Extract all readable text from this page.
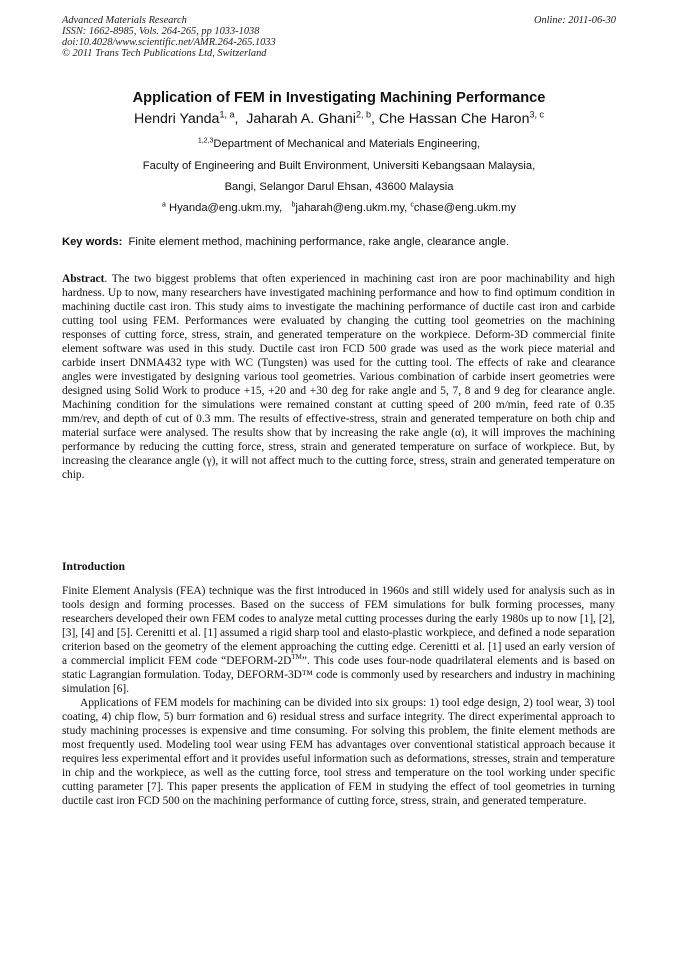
Advanced Materials Research
ISSN: 1662-8985, Vols. 264-265, pp 1033-1038
doi:10.4028/www.scientific.net/AMR.264-265.1033
© 2011 Trans Tech Publications Ltd, Switzerland
Online: 2011-06-30
Application of FEM in Investigating Machining Performance
Hendri Yanda$^{1, a}$,  Jaharah A. Ghani$^{2, b}$, Che Hassan Che Haron$^{3, c}$
$^{1,2,3}$Department of Mechanical and Materials Engineering,
Faculty of Engineering and Built Environment, Universiti Kebangsaan Malaysia,
Bangi, Selangor Darul Ehsan, 43600 Malaysia
$^a$ Hyanda@eng.ukm.my, $^b$jaharah@eng.ukm.my, $^c$chase@eng.ukm.my
Key words: Finite element method, machining performance, rake angle, clearance angle.

Abstract. The two biggest problems that often experienced in machining cast iron are poor machinability and high hardness. Up to now, many researchers have investigated machining performance and how to find optimum condition in machining ductile cast iron. This study aims to investigate the machining performance of ductile cast iron and carbide cutting tool using FEM. Performances were evaluated by changing the cutting tool geometries on the machining responses of cutting force, stress, strain, and generated temperature on the workpiece. Deform-3D commercial finite element software was used in this study. Ductile cast iron FCD 500 grade was used as the work piece material and carbide insert DNMA432 type with WC (Tungsten) was used for the cutting tool. The effects of rake and clearance angles were investigated by designing various tool geometries. Various combination of carbide insert geometries were designed using Solid Work to produce +15, +20 and +30 deg for rake angle and 5, 7, 8 and 9 deg for clearance angle. Machining condition for the simulations were remained constant at cutting speed of 200 m/min, feed rate of 0.35 mm/rev, and depth of cut of 0.3 mm. The results of effective-stress, strain and generated temperature on both chip and material surface were analysed. The results show that by increasing the rake angle (α), it will improves the machining performance by reducing the cutting force, stress, strain and generated temperature on surface of workpiece. But, by increasing the clearance angle (γ), it will not affect much to the cutting force, stress, strain and generated temperature on chip.

Introduction

Finite Element Analysis (FEA) technique was the first introduced in 1960s and still widely used for analysis such as in tools design and forming processes. Based on the success of FEM simulations for bulk forming processes, many researchers developed their own FEM codes to analyze metal cutting processes during the early 1980s up to now [1], [2], [3], [4] and [5]. Cerenitti et al. [1] assumed a rigid sharp tool and elasto-plastic workpiece, and defined a node separation criterion based on the geometry of the element approaching the cutting edge. Cerenitti et al. [1] used an early version of a commercial implicit FEM code “DEFORM-2D™”. This code uses four-node quadrilateral elements and is based on static Lagrangian formulation. Today, DEFORM-3D™ code is commonly used by researchers and industry in machining simulation [6].

Applications of FEM models for machining can be divided into six groups: 1) tool edge design, 2) tool wear, 3) tool coating, 4) chip flow, 5) burr formation and 6) residual stress and surface integrity. The direct experimental approach to study machining processes is expensive and time consuming. For solving this problem, the finite element methods are most frequently used. Modeling tool wear using FEM has advantages over conventional statistical approach because it requires less experimental effort and it provides useful information such as deformations, stresses, strain and temperature in chip and the workpiece, as well as the cutting force, tool stress and temperature on the tool working under specific cutting parameter [7]. This paper presents the application of FEM in studying the effect of tool geometries in turning ductile cast iron FCD 500 on the machining performance of cutting force, stress, strain, and generated temperature.
